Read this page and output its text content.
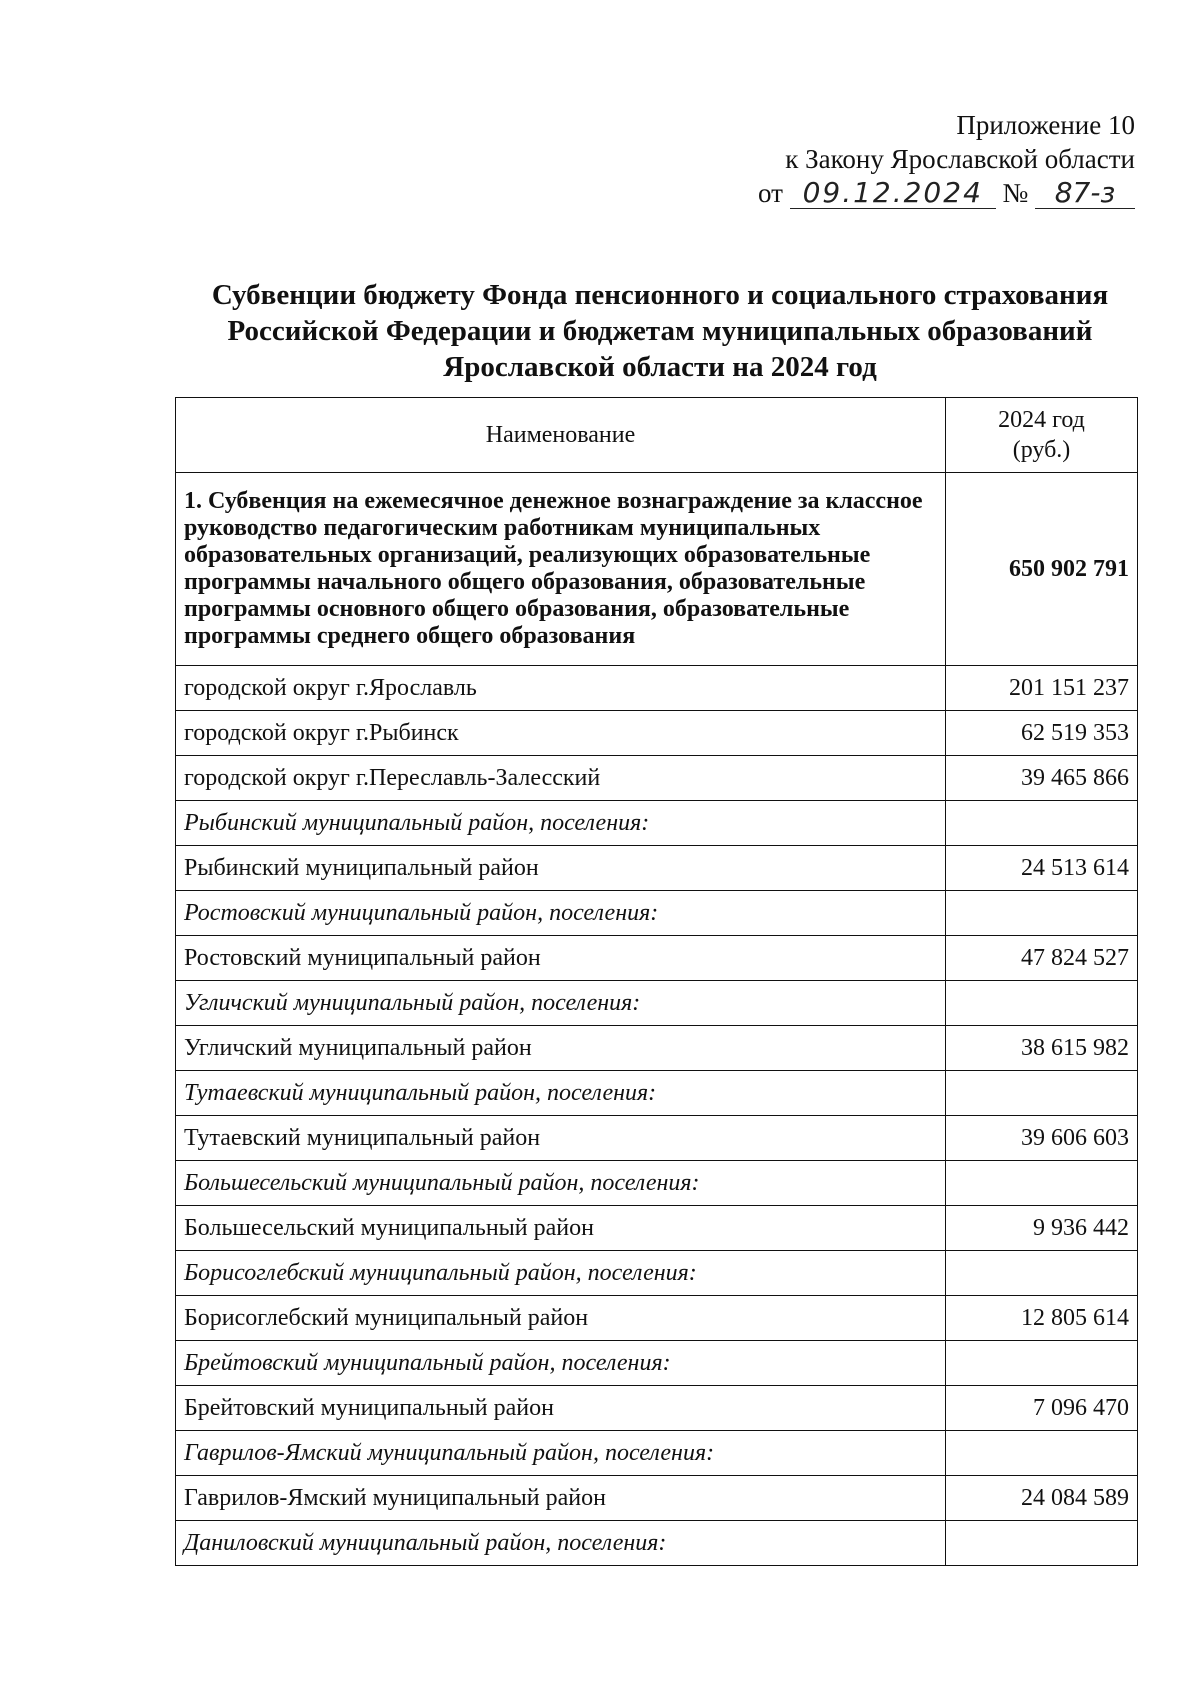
Приложение 10
к Закону Ярославской области
от 09.12.2024 № 87-з
Субвенции бюджету Фонда пенсионного и социального страхования
Российской Федерации и бюджетам муниципальных образований
Ярославской области на 2024 год
Наименование	2024 год
(руб.)

1. Субвенция на ежемесячное денежное вознаграждение за классное руководство педагогическим работникам муниципальных образовательных организаций, реализующих образовательные программы начального общего образования, образовательные программы основного общего образования, образовательные программы среднего общего образования	650 902 791
городской округ г.Ярославль	201 151 237
городской округ г.Рыбинск	62 519 353
городской округ г.Переславль-Залесский	39 465 866
Рыбинский муниципальный район, поселения:	
Рыбинский муниципальный район	24 513 614
Ростовский муниципальный район, поселения:	
Ростовский муниципальный район	47 824 527
Угличский муниципальный район, поселения:	
Угличский муниципальный район	38 615 982
Тутаевский муниципальный район, поселения:	
Тутаевский муниципальный район	39 606 603
Большесельский муниципальный район, поселения:	
Большесельский муниципальный район	9 936 442
Борисоглебский муниципальный район, поселения:	
Борисоглебский муниципальный район	12 805 614
Брейтовский муниципальный район, поселения:	
Брейтовский муниципальный район	7 096 470
Гаврилов-Ямский муниципальный район, поселения:	
Гаврилов-Ямский муниципальный район	24 084 589
Даниловский муниципальный район, поселения:	
